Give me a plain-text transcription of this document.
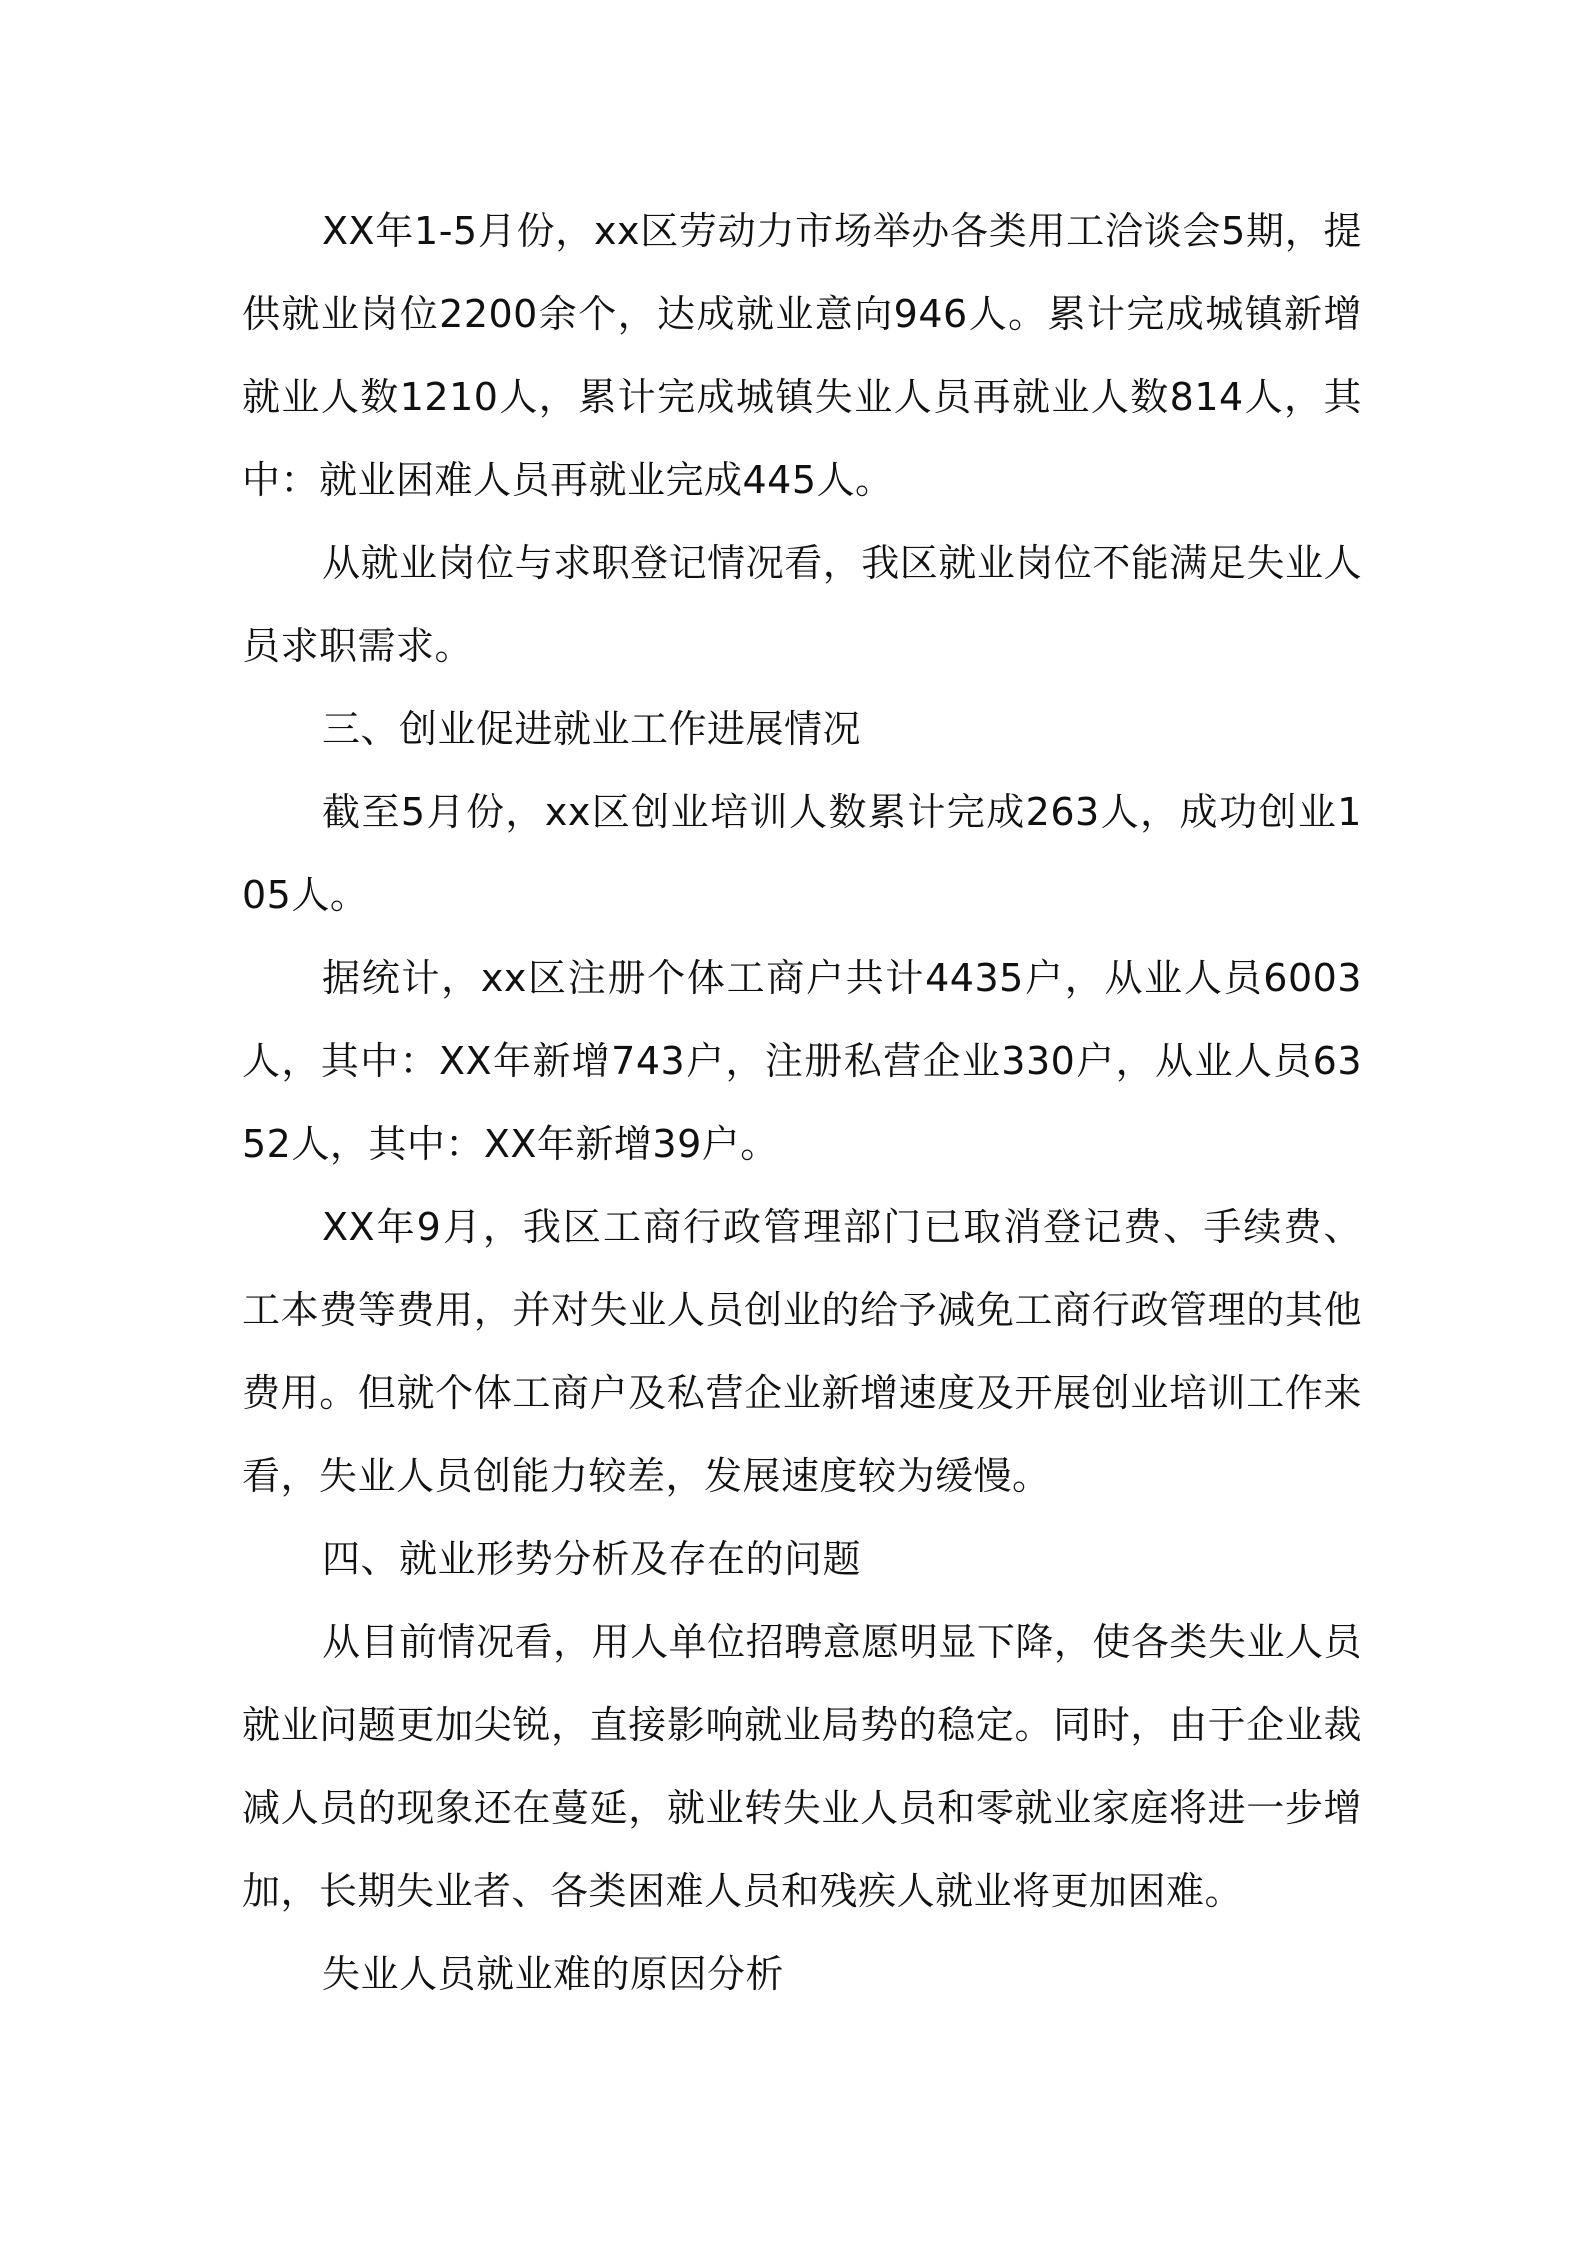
XX年1-5月份，xx区劳动力市场举办各类用工洽谈会5期，提供就业岗位2200余个，达成就业意向946人。累计完成城镇新增就业人数1210人，累计完成城镇失业人员再就业人数814人，其中：就业困难人员再就业完成445人。

从就业岗位与求职登记情况看，我区就业岗位不能满足失业人员求职需求。

三、创业促进就业工作进展情况

截至5月份，xx区创业培训人数累计完成263人，成功创业105人。

据统计，xx区注册个体工商户共计4435户，从业人员6003人，其中：XX年新增743户，注册私营企业330户，从业人员6352人，其中：XX年新增39户。

XX年9月，我区工商行政管理部门已取消登记费、手续费、工本费等费用，并对失业人员创业的给予减免工商行政管理的其他费用。但就个体工商户及私营企业新增速度及开展创业培训工作来看，失业人员创能力较差，发展速度较为缓慢。

四、就业形势分析及存在的问题

从目前情况看，用人单位招聘意愿明显下降，使各类失业人员就业问题更加尖锐，直接影响就业局势的稳定。同时，由于企业裁减人员的现象还在蔓延，就业转失业人员和零就业家庭将进一步增加，长期失业者、各类困难人员和残疾人就业将更加困难。

失业人员就业难的原因分析
